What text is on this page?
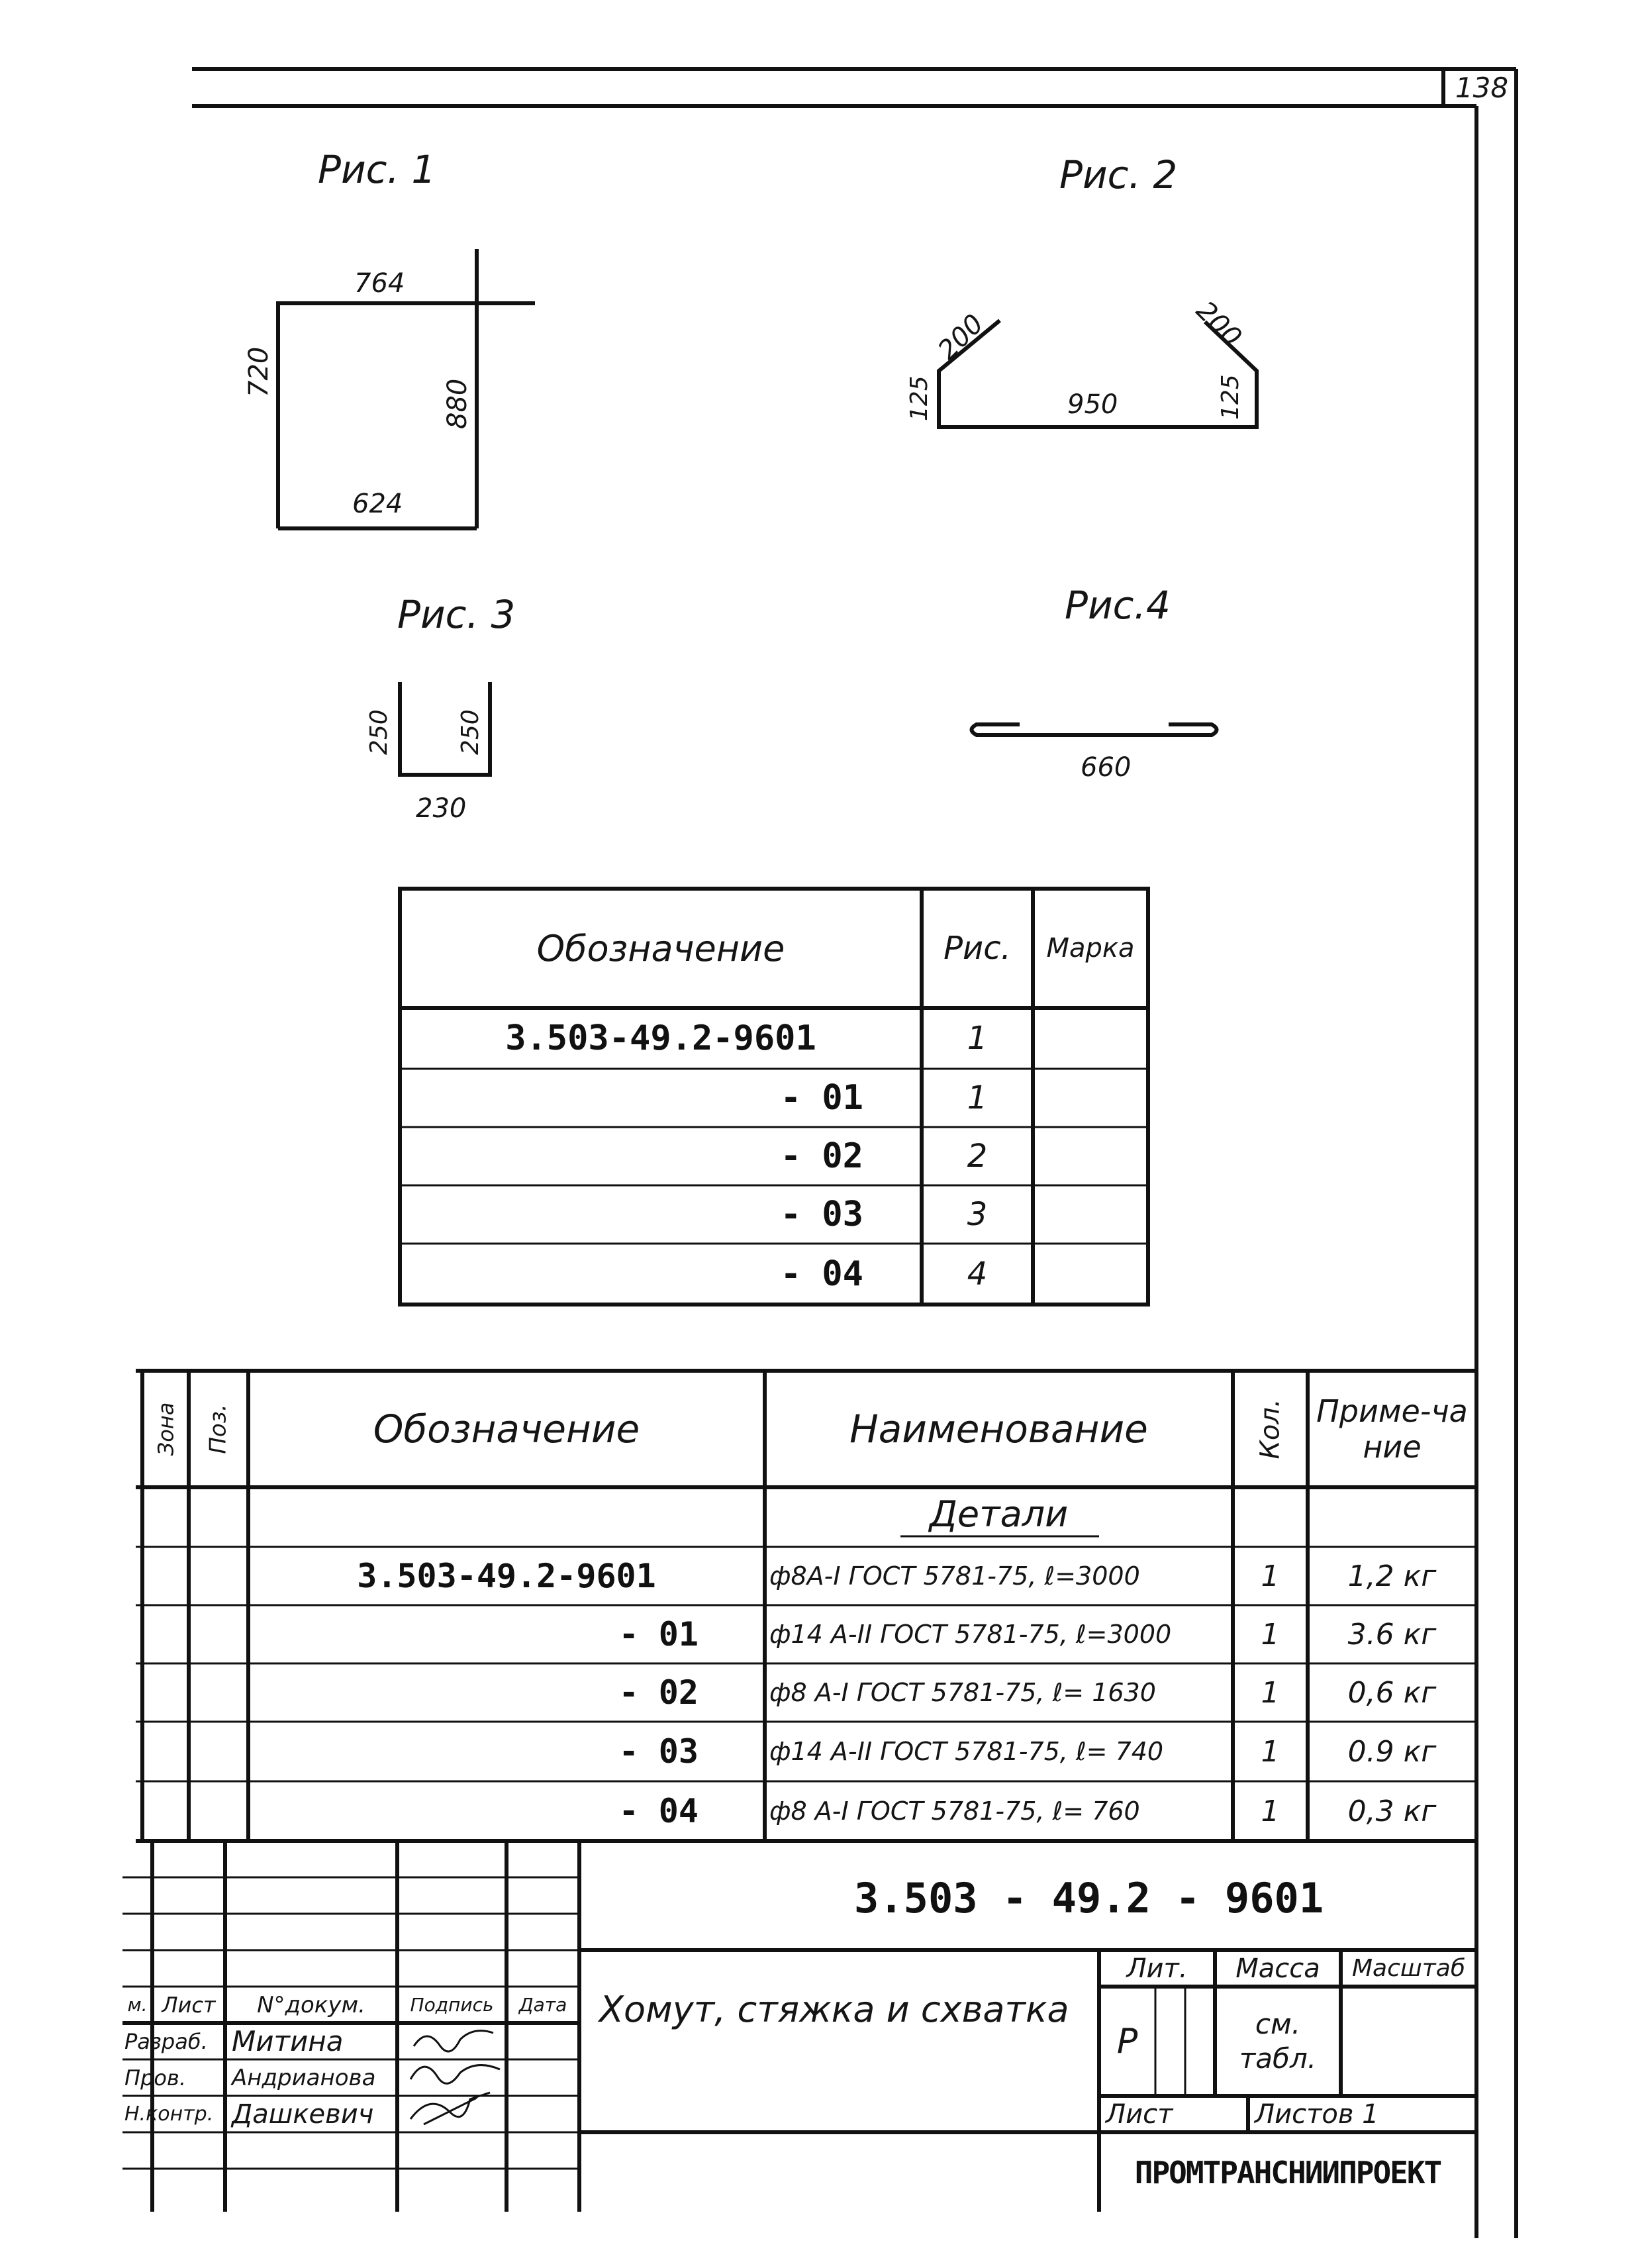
138
Рис. 1
764
720
880
624
Рис. 2
200
125	950	125
200
Рис. 3
250	250
230
Рис.4
660
Обозначение	Рис.	Марка
3.503-49.2-9601	1
- 01	1
- 02	2
- 03	3
- 04	4
Зона Поз.	Обозначение	Наименование	Кол. Приме-чание
Детали
3.503-49.2-9601	ф8А-I ГОСТ 5781-75, ℓ=3000	1	1,2 кг
- 01	ф14 А-II ГОСТ 5781-75, ℓ=3000	1	3.6 кг
- 02	ф8 А-I ГОСТ 5781-75, ℓ= 1630	1	0,6 кг
- 03	ф14 А-II ГОСТ 5781-75, ℓ= 740	1	0.9 кг
- 04	ф8 А-I ГОСТ 5781-75, ℓ= 760	1	0,3 кг
3.503 - 49.2 - 9601
м. Лист	N°докум.	Подпись	Дата
Разраб. Митина
Пров.	Андрианова
Н.контр. Дашкевич
Хомут, стяжка и схватка
Лит.	Масса	Масштаб
Р	см. табл.
Лист	Листов 1
ПРОМТРАНСНИИПРОЕКТ
